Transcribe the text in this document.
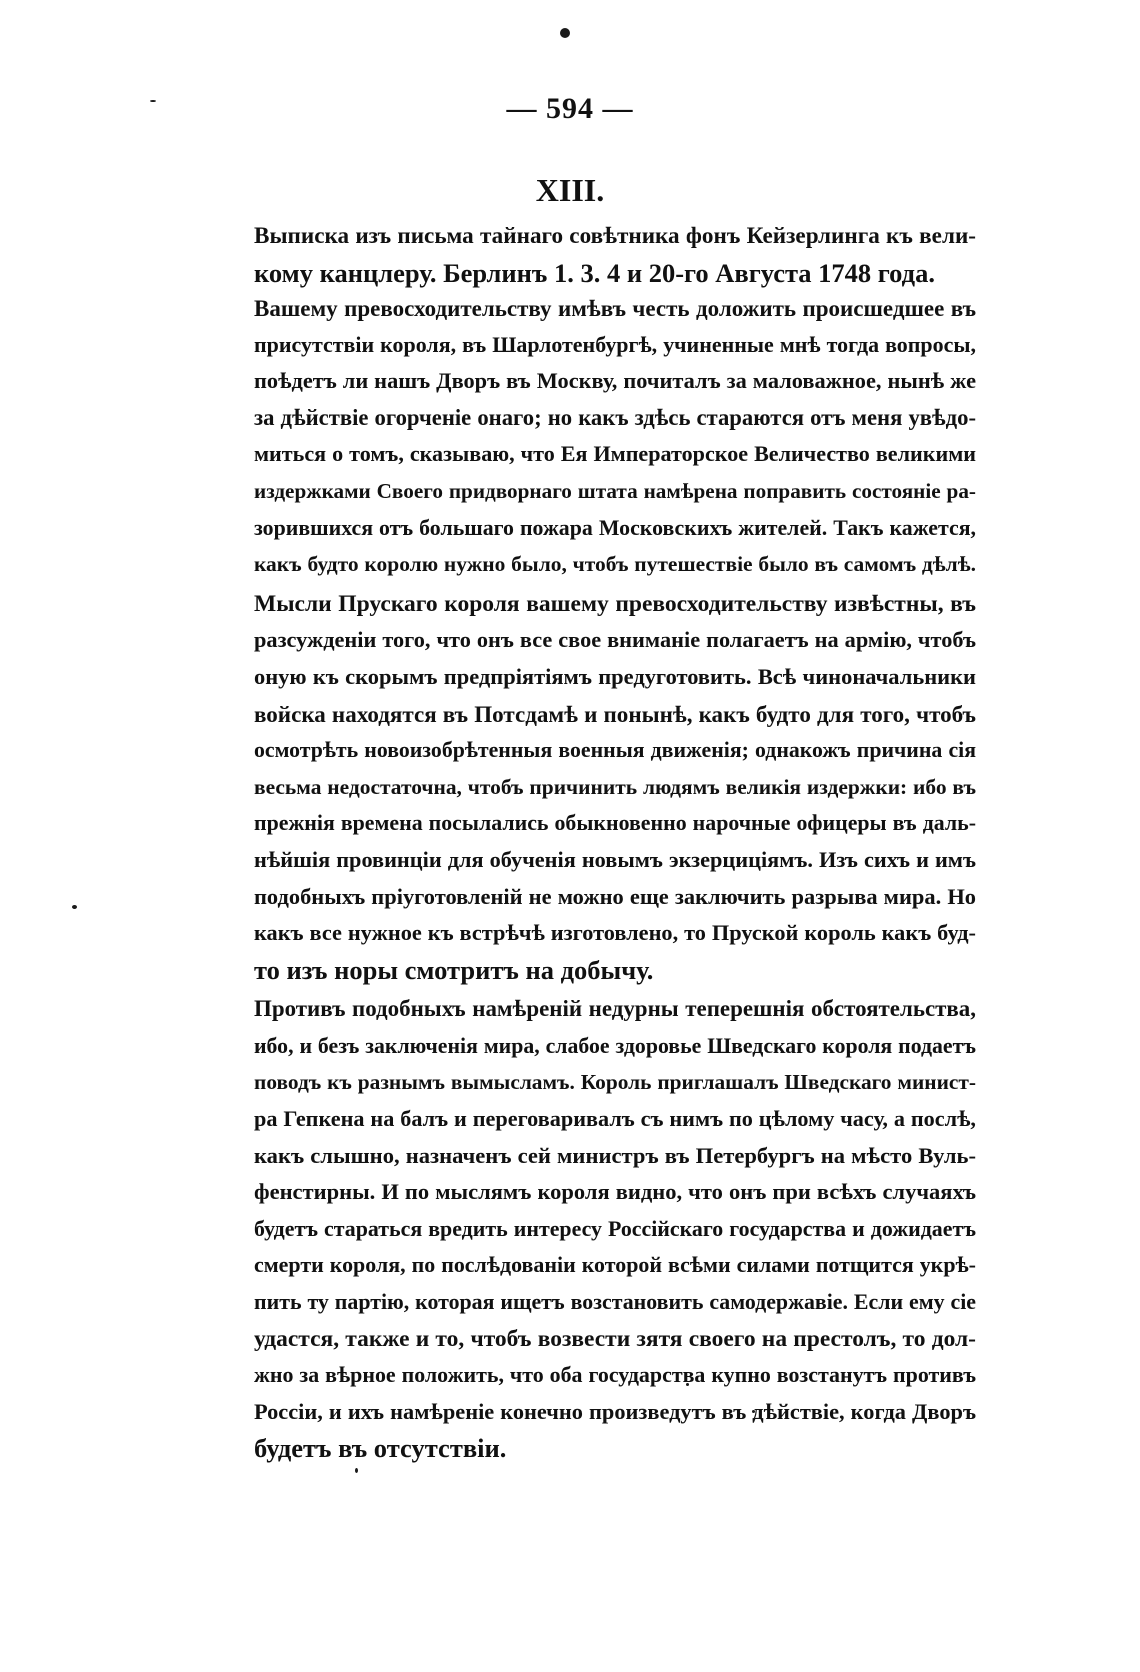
— 594 —
XIII.
Выписка изъ письма тайнаго совѣтника фонъ Кейзерлинга къ вели-
кому канцлеру. Берлинъ 1. 3. 4 и 20-го Августа 1748 года.
Вашему превосходительству имѣвъ честь доложить происшедшее въ
присутствіи короля, въ Шарлотенбургѣ, учиненные мнѣ тогда вопросы,
поѣдетъ ли нашъ Дворъ въ Москву, почиталъ за маловажное, нынѣ же
за дѣйствіе огорченіе онаго; но какъ здѣсь стараются отъ меня увѣдо-
миться о томъ, сказываю, что Ея Императорское Величество великими
издержками Своего придворнаго штата намѣрена поправить состояніе ра-
зорившихся отъ большаго пожара Московскихъ жителей. Такъ кажется,
какъ будто королю нужно было, чтобъ путешествіе было въ самомъ дѣлѣ.
Мысли Прускаго короля вашему превосходительству извѣстны, въ
разсужденіи того, что онъ все свое вниманіе полагаетъ на армію, чтобъ
оную къ скорымъ предпріятіямъ предуготовить. Всѣ чиноначальники
войска находятся въ Потсдамѣ и понынѣ, какъ будто для того, чтобъ
осмотрѣть новоизобрѣтенныя военныя движенія; однакожъ причина сія
весьма недостаточна, чтобъ причинить людямъ великія издержки: ибо въ
прежнія времена посылались обыкновенно нарочные офицеры въ даль-
нѣйшія провинціи для обученія новымъ экзерциціямъ. Изъ сихъ и имъ
подобныхъ пріуготовленій не можно еще заключить разрыва мира. Но
какъ все нужное къ встрѣчѣ изготовлено, то Пруской король какъ буд-
то изъ норы смотритъ на добычу.
Противъ подобныхъ намѣреній недурны теперешнія обстоятельства,
ибо, и безъ заключенія мира, слабое здоровье Шведскаго короля подаетъ
поводъ къ разнымъ вымысламъ. Король приглашалъ Шведскаго минист-
ра Гепкена на балъ и переговаривалъ съ нимъ по цѣлому часу, а послѣ,
какъ слышно, назначенъ сей министръ въ Петербургъ на мѣсто Вуль-
фенстирны. И по мыслямъ короля видно, что онъ при всѣхъ случаяхъ
будетъ стараться вредить интересу Россійскаго государства и дожидаетъ
смерти короля, по послѣдованіи которой всѣми силами потщится укрѣ-
пить ту партію, которая ищетъ возстановить самодержавіе. Если ему сіе
удастся, также и то, чтобъ возвести зятя своего на престолъ, то дол-
жно за вѣрное положить, что оба государства купно возстанутъ противъ
Россіи, и ихъ намѣреніе конечно произведутъ въ дѣйствіе, когда Дворъ
будетъ въ отсутствіи.
